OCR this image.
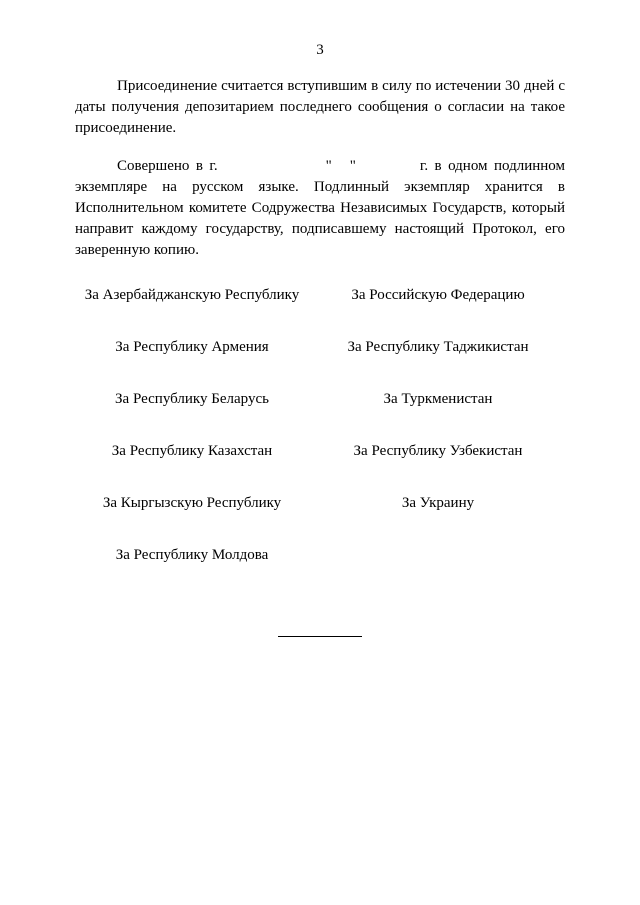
3

Присоединение считается вступившим в силу по истечении 30 дней с даты получения депозитарием последнего сообщения о согласии на такое присоединение.

Совершено в г.	" "	г. в одном подлинном экземпляре на русском языке. Подлинный экземпляр хранится в Исполнительном комитете Содружества Независимых Государств, который направит каждому государству, подписавшему настоящий Протокол, его заверенную копию.

За Азербайджанскую Республику
За Республику Армения
За Республику Беларусь
За Республику Казахстан
За Кыргызскую Республику
За Республику Молдова
За Российскую Федерацию
За Республику Таджикистан
За Туркменистан
За Республику Узбекистан
За Украину
